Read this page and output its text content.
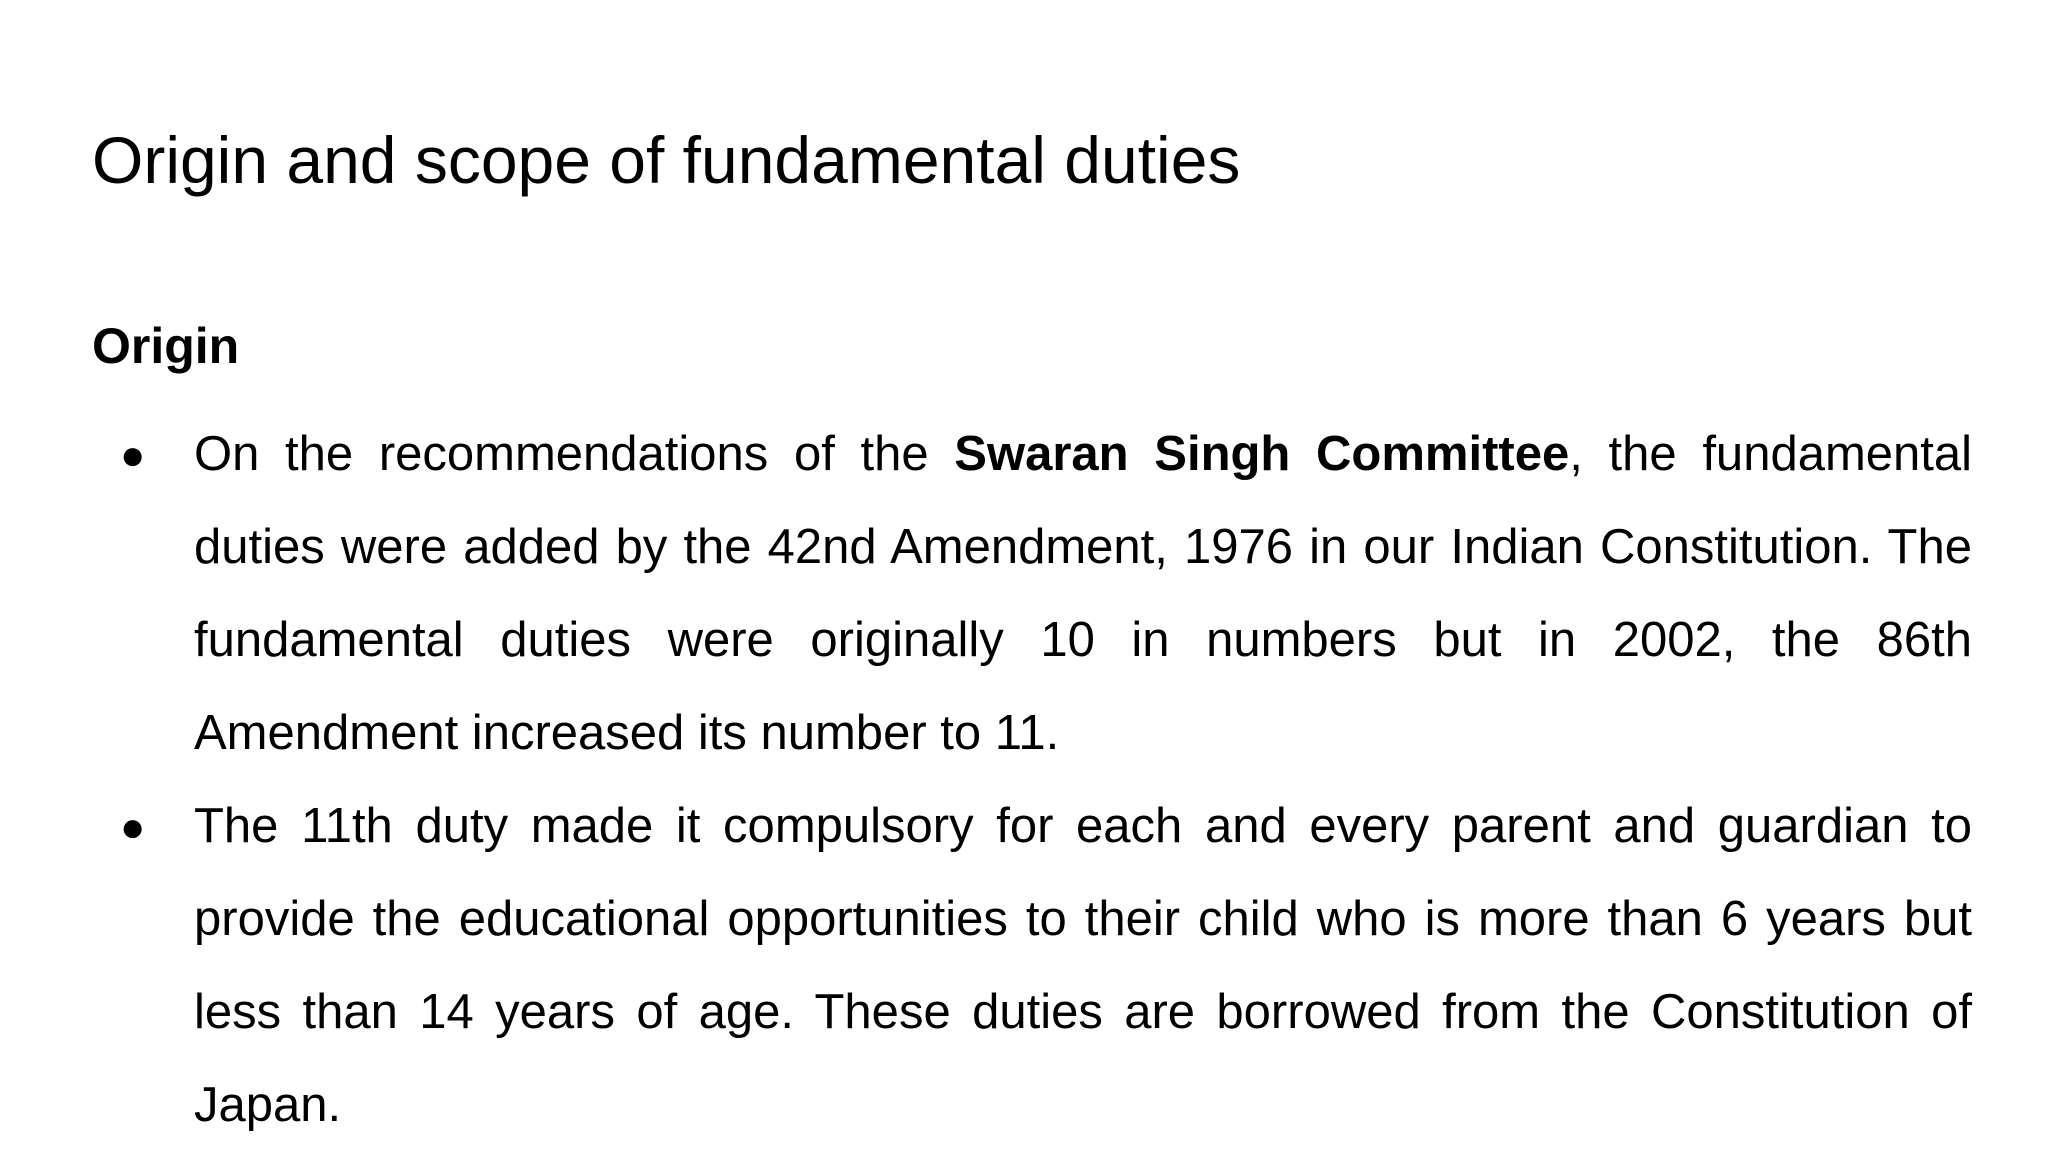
Origin and scope of fundamental duties
Origin
● On the recommendations of the Swaran Singh Committee, the fundamental duties were added by the 42nd Amendment, 1976 in our Indian Constitution. The fundamental duties were originally 10 in numbers but in 2002, the 86th Amendment increased its number to 11.
● The 11th duty made it compulsory for each and every parent and guardian to provide the educational opportunities to their child who is more than 6 years but less than 14 years of age. These duties are borrowed from the Constitution of Japan.
